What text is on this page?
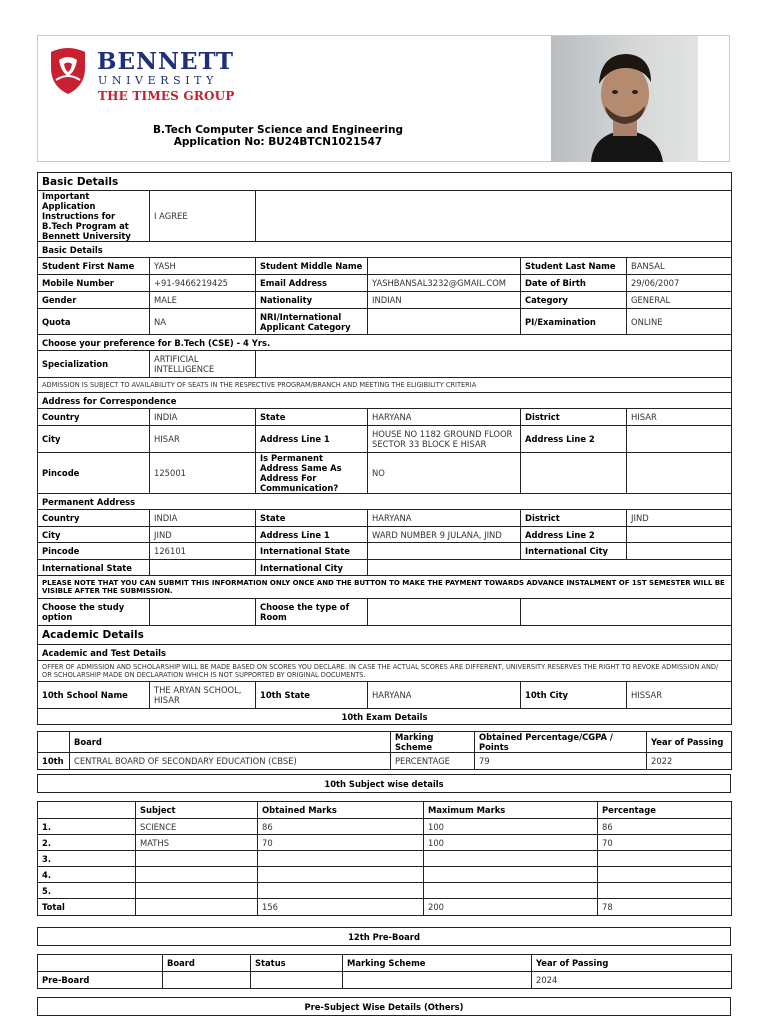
BENNETT
UNIVERSITY
THE TIMES GROUP
B.Tech Computer Science and Engineering
Application No: BU24BTCN1021547
Basic Details					
Important Application Instructions for B.Tech Program at Bennett University	I AGREE				
Basic Details					
Student First Name	YASH	Student Middle Name		Student Last Name	BANSAL
Mobile Number	+91-9466219425	Email Address	YASHBANSAL3232@GMAIL.COM	Date of Birth	29/06/2007
Gender	MALE	Nationality	INDIAN	Category	GENERAL
Quota	NA	NRI/International Applicant Category		PI/Examination	ONLINE
Choose your preference for B.Tech (CSE) - 4 Yrs.					
Specialization	ARTIFICIAL INTELLIGENCE				
ADMISSION IS SUBJECT TO AVAILABILITY OF SEATS IN THE RESPECTIVE PROGRAM/BRANCH AND MEETING THE ELIGIBILITY CRITERIA					
Address for Correspondence					
Country	INDIA	State	HARYANA	District	HISAR
City	HISAR	Address Line 1	HOUSE NO 1182 GROUND FLOOR SECTOR 33 BLOCK E HISAR	Address Line 2	
Pincode	125001	Is Permanent Address Same As Address For Communication?	NO		
Permanent Address					
Country	INDIA	State	HARYANA	District	JIND
City	JIND	Address Line 1	WARD NUMBER 9 JULANA, JIND	Address Line 2	
Pincode	126101	International State		International City	
International State		International City			
PLEASE NOTE THAT YOU CAN SUBMIT THIS INFORMATION ONLY ONCE AND THE BUTTON TO MAKE THE PAYMENT TOWARDS ADVANCE INSTALMENT OF 1ST SEMESTER WILL BE VISIBLE AFTER THE SUBMISSION.					
Choose the study option		Choose the type of Room			
Academic Details					
Academic and Test Details					
OFFER OF ADMISSION AND SCHOLARSHIP WILL BE MADE BASED ON SCORES YOU DECLARE. IN CASE THE ACTUAL SCORES ARE DIFFERENT, UNIVERSITY RESERVES THE RIGHT TO REVOKE ADMISSION AND/ OR SCHOLARSHIP MADE ON DECLARATION WHICH IS NOT SUPPORTED BY ORIGINAL DOCUMENTS.					
10th School Name	THE ARYAN SCHOOL, HISAR	10th State	HARYANA	10th City	HISSAR
10th Exam Details					
	Board	Marking Scheme	Obtained Percentage/CGPA / Points	Year of Passing
10th	CENTRAL BOARD OF SECONDARY EDUCATION (CBSE)	PERCENTAGE	79	2022
10th Subject wise details
	Subject	Obtained Marks	Maximum Marks	Percentage
1.	SCIENCE	86	100	86
2.	MATHS	70	100	70
3.				
4.				
5.				
Total		156	200	78
12th Pre-Board
	Board	Status	Marking Scheme	Year of Passing
Pre-Board				2024
Pre-Subject Wise Details (Others)
